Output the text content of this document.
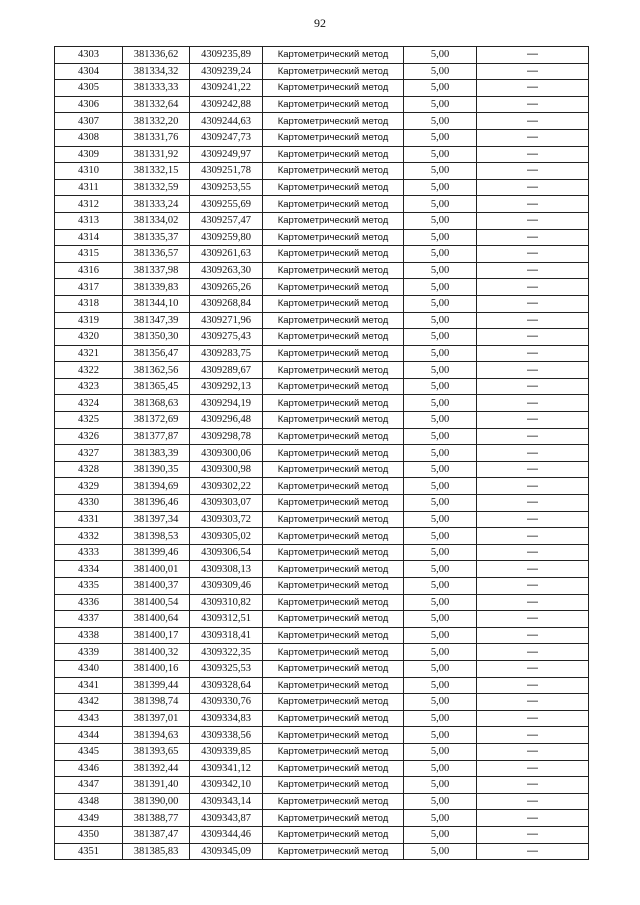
92
4303	381336,62	4309235,89	Картометрический метод	5,00	—
4304	381334,32	4309239,24	Картометрический метод	5,00	—
4305	381333,33	4309241,22	Картометрический метод	5,00	—
4306	381332,64	4309242,88	Картометрический метод	5,00	—
4307	381332,20	4309244,63	Картометрический метод	5,00	—
4308	381331,76	4309247,73	Картометрический метод	5,00	—
4309	381331,92	4309249,97	Картометрический метод	5,00	—
4310	381332,15	4309251,78	Картометрический метод	5,00	—
4311	381332,59	4309253,55	Картометрический метод	5,00	—
4312	381333,24	4309255,69	Картометрический метод	5,00	—
4313	381334,02	4309257,47	Картометрический метод	5,00	—
4314	381335,37	4309259,80	Картометрический метод	5,00	—
4315	381336,57	4309261,63	Картометрический метод	5,00	—
4316	381337,98	4309263,30	Картометрический метод	5,00	—
4317	381339,83	4309265,26	Картометрический метод	5,00	—
4318	381344,10	4309268,84	Картометрический метод	5,00	—
4319	381347,39	4309271,96	Картометрический метод	5,00	—
4320	381350,30	4309275,43	Картометрический метод	5,00	—
4321	381356,47	4309283,75	Картометрический метод	5,00	—
4322	381362,56	4309289,67	Картометрический метод	5,00	—
4323	381365,45	4309292,13	Картометрический метод	5,00	—
4324	381368,63	4309294,19	Картометрический метод	5,00	—
4325	381372,69	4309296,48	Картометрический метод	5,00	—
4326	381377,87	4309298,78	Картометрический метод	5,00	—
4327	381383,39	4309300,06	Картометрический метод	5,00	—
4328	381390,35	4309300,98	Картометрический метод	5,00	—
4329	381394,69	4309302,22	Картометрический метод	5,00	—
4330	381396,46	4309303,07	Картометрический метод	5,00	—
4331	381397,34	4309303,72	Картометрический метод	5,00	—
4332	381398,53	4309305,02	Картометрический метод	5,00	—
4333	381399,46	4309306,54	Картометрический метод	5,00	—
4334	381400,01	4309308,13	Картометрический метод	5,00	—
4335	381400,37	4309309,46	Картометрический метод	5,00	—
4336	381400,54	4309310,82	Картометрический метод	5,00	—
4337	381400,64	4309312,51	Картометрический метод	5,00	—
4338	381400,17	4309318,41	Картометрический метод	5,00	—
4339	381400,32	4309322,35	Картометрический метод	5,00	—
4340	381400,16	4309325,53	Картометрический метод	5,00	—
4341	381399,44	4309328,64	Картометрический метод	5,00	—
4342	381398,74	4309330,76	Картометрический метод	5,00	—
4343	381397,01	4309334,83	Картометрический метод	5,00	—
4344	381394,63	4309338,56	Картометрический метод	5,00	—
4345	381393,65	4309339,85	Картометрический метод	5,00	—
4346	381392,44	4309341,12	Картометрический метод	5,00	—
4347	381391,40	4309342,10	Картометрический метод	5,00	—
4348	381390,00	4309343,14	Картометрический метод	5,00	—
4349	381388,77	4309343,87	Картометрический метод	5,00	—
4350	381387,47	4309344,46	Картометрический метод	5,00	—
4351	381385,83	4309345,09	Картометрический метод	5,00	—
